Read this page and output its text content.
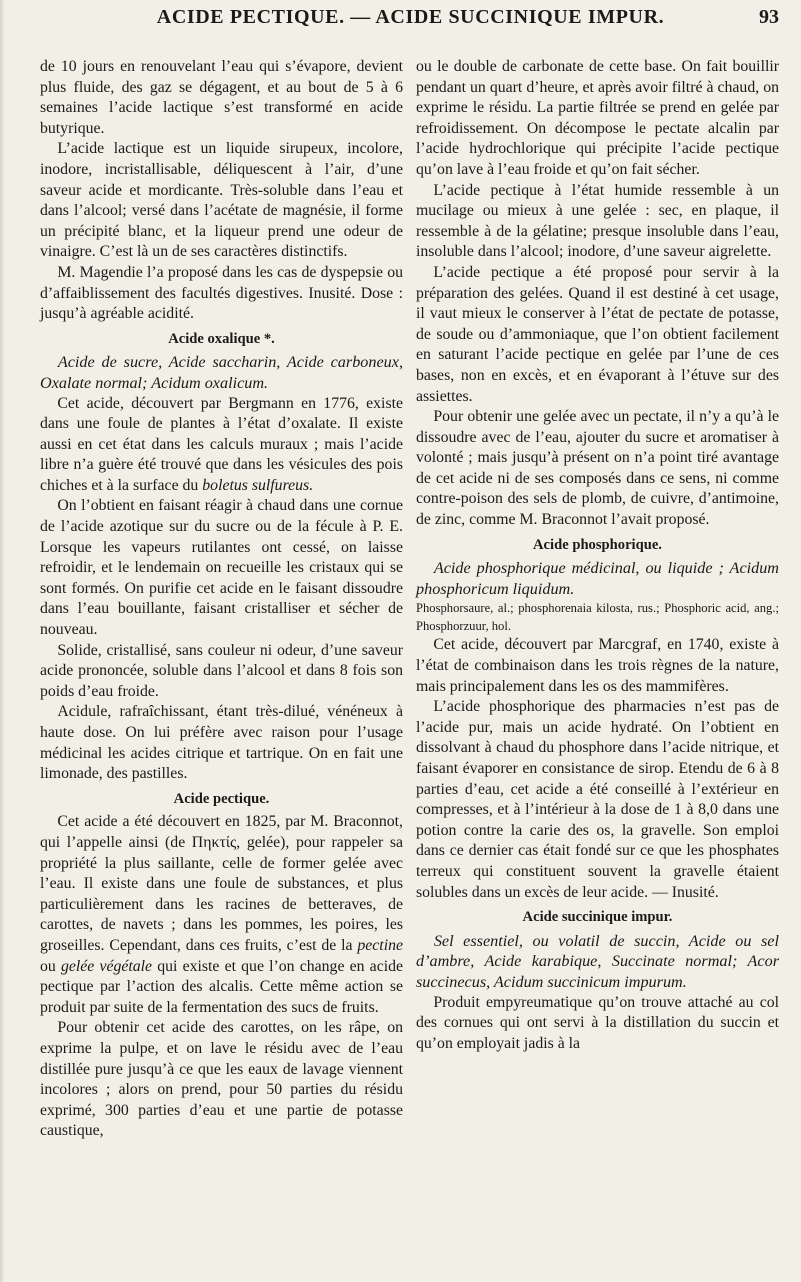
ACIDE PECTIQUE. — ACIDE SUCCINIQUE IMPUR.	93

de 10 jours en renouvelant l’eau qui s’évapore, devient plus fluide, des gaz se dégagent, et au bout de 5 à 6 semaines l’acide lactique s’est transformé en acide butyrique.

L’acide lactique est un liquide sirupeux, incolore, inodore, incristallisable, déliquescent à l’air, d’une saveur acide et mordicante. Très-soluble dans l’eau et dans l’alcool; versé dans l’acétate de magnésie, il forme un précipité blanc, et la liqueur prend une odeur de vinaigre. C’est là un de ses caractères distinctifs.

M. Magendie l’a proposé dans les cas de dyspepsie ou d’affaiblissement des facultés digestives. Inusité. Dose : jusqu’à agréable acidité.

Acide oxalique *.

Acide de sucre, Acide saccharin, Acide carboneux, Oxalate normal; Acidum oxalicum.

Cet acide, découvert par Bergmann en 1776, existe dans une foule de plantes à l’état d’oxalate. Il existe aussi en cet état dans les calculs muraux ; mais l’acide libre n’a guère été trouvé que dans les vésicules des pois chiches et à la surface du boletus sulfureus.

On l’obtient en faisant réagir à chaud dans une cornue de l’acide azotique sur du sucre ou de la fécule à P. E. Lorsque les vapeurs rutilantes ont cessé, on laisse refroidir, et le lendemain on recueille les cristaux qui se sont formés. On purifie cet acide en le faisant dissoudre dans l’eau bouillante, faisant cristalliser et sécher de nouveau.

Solide, cristallisé, sans couleur ni odeur, d’une saveur acide prononcée, soluble dans l’alcool et dans 8 fois son poids d’eau froide.

Acidule, rafraîchissant, étant très-dilué, vénéneux à haute dose. On lui préfère avec raison pour l’usage médicinal les acides citrique et tartrique. On en fait une limonade, des pastilles.

Acide pectique.

Cet acide a été découvert en 1825, par M. Braconnot, qui l’appelle ainsi (de Πηκτίς, gelée), pour rappeler sa propriété la plus saillante, celle de former gelée avec l’eau. Il existe dans une foule de substances, et plus particulièrement dans les racines de betteraves, de carottes, de navets ; dans les pommes, les poires, les groseilles. Cependant, dans ces fruits, c’est de la pectine ou gelée végétale qui existe et que l’on change en acide pectique par l’action des alcalis. Cette même action se produit par suite de la fermentation des sucs de fruits.

Pour obtenir cet acide des carottes, on les râpe, on exprime la pulpe, et on lave le résidu avec de l’eau distillée pure jusqu’à ce que les eaux de lavage viennent incolores ; alors on prend, pour 50 parties du résidu exprimé, 300 parties d’eau et une partie de potasse caustique,

ou le double de carbonate de cette base. On fait bouillir pendant un quart d’heure, et après avoir filtré à chaud, on exprime le résidu. La partie filtrée se prend en gelée par refroidissement. On décompose le pectate alcalin par l’acide hydrochlorique qui précipite l’acide pectique qu’on lave à l’eau froide et qu’on fait sécher.

L’acide pectique à l’état humide ressemble à un mucilage ou mieux à une gelée : sec, en plaque, il ressemble à de la gélatine; presque insoluble dans l’eau, insoluble dans l’alcool; inodore, d’une saveur aigrelette.

L’acide pectique a été proposé pour servir à la préparation des gelées. Quand il est destiné à cet usage, il vaut mieux le conserver à l’état de pectate de potasse, de soude ou d’ammoniaque, que l’on obtient facilement en saturant l’acide pectique en gelée par l’une de ces bases, non en excès, et en évaporant à l’étuve sur des assiettes.

Pour obtenir une gelée avec un pectate, il n’y a qu’à le dissoudre avec de l’eau, ajouter du sucre et aromatiser à volonté ; mais jusqu’à présent on n’a point tiré avantage de cet acide ni de ses composés dans ce sens, ni comme contre-poison des sels de plomb, de cuivre, d’antimoine, de zinc, comme M. Braconnot l’avait proposé.

Acide phosphorique.

Acide phosphorique médicinal, ou liquide ; Acidum phosphoricum liquidum.

Phosphorsaure, al.; phosphorenaia kilosta, rus.; Phosphoric acid, ang.; Phosphorzuur, hol.

Cet acide, découvert par Marcgraf, en 1740, existe à l’état de combinaison dans les trois règnes de la nature, mais principalement dans les os des mammifères.

L’acide phosphorique des pharmacies n’est pas de l’acide pur, mais un acide hydraté. On l’obtient en dissolvant à chaud du phosphore dans l’acide nitrique, et faisant évaporer en consistance de sirop. Etendu de 6 à 8 parties d’eau, cet acide a été conseillé à l’extérieur en compresses, et à l’intérieur à la dose de 1 à 8,0 dans une potion contre la carie des os, la gravelle. Son emploi dans ce dernier cas était fondé sur ce que les phosphates terreux qui constituent souvent la gravelle étaient solubles dans un excès de leur acide. — Inusité.

Acide succinique impur.

Sel essentiel, ou volatil de succin, Acide ou sel d’ambre, Acide karabique, Succinate normal; Acor succinecus, Acidum succinicum impurum.

Produit empyreumatique qu’on trouve attaché au col des cornues qui ont servi à la distillation du succin et qu’on employait jadis à la
